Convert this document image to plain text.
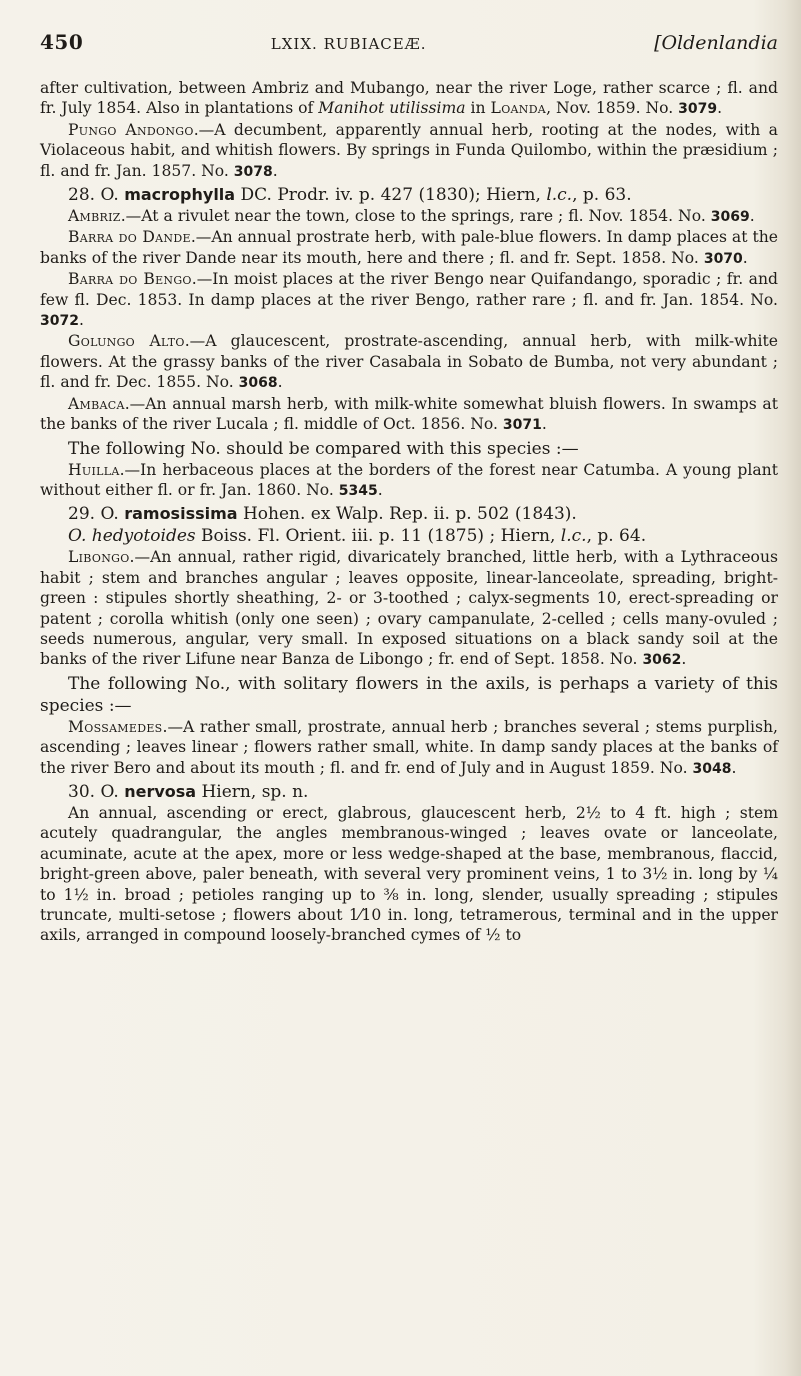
450	LXIX. RUBIACEÆ.	[Oldenlandia

after cultivation, between Ambriz and Mubango, near the river Loge, rather scarce ; fl. and fr. July 1854. Also in plantations of Manihot utilissima in Loanda, Nov. 1859. No. 3079.

Pungo Andongo.—A decumbent, apparently annual herb, rooting at the nodes, with a Violaceous habit, and whitish flowers. By springs in Funda Quilombo, within the præsidium ; fl. and fr. Jan. 1857. No. 3078.

28. O. macrophylla DC. Prodr. iv. p. 427 (1830); Hiern, l.c., p. 63.

Ambriz.—At a rivulet near the town, close to the springs, rare ; fl. Nov. 1854. No. 3069.

Barra do Dande.—An annual prostrate herb, with pale-blue flowers. In damp places at the banks of the river Dande near its mouth, here and there ; fl. and fr. Sept. 1858. No. 3070.

Barra do Bengo.—In moist places at the river Bengo near Quifandango, sporadic ; fr. and few fl. Dec. 1853. In damp places at the river Bengo, rather rare ; fl. and fr. Jan. 1854. No. 3072.

Golungo Alto.—A glaucescent, prostrate-ascending, annual herb, with milk-white flowers. At the grassy banks of the river Casabala in Sobato de Bumba, not very abundant ; fl. and fr. Dec. 1855. No. 3068.

Ambaca.—An annual marsh herb, with milk-white somewhat bluish flowers. In swamps at the banks of the river Lucala ; fl. middle of Oct. 1856. No. 3071.

The following No. should be compared with this species :—

Huilla.—In herbaceous places at the borders of the forest near Catumba. A young plant without either fl. or fr. Jan. 1860. No. 5345.

29. O. ramosissima Hohen. ex Walp. Rep. ii. p. 502 (1843).

O. hedyotoides Boiss. Fl. Orient. iii. p. 11 (1875) ; Hiern, l.c., p. 64.

Libongo.—An annual, rather rigid, divaricately branched, little herb, with a Lythraceous habit ; stem and branches angular ; leaves opposite, linear-lanceolate, spreading, bright-green : stipules shortly sheathing, 2- or 3-toothed ; calyx-segments 10, erect-spreading or patent ; corolla whitish (only one seen) ; ovary campanulate, 2-celled ; cells many-ovuled ; seeds numerous, angular, very small. In exposed situations on a black sandy soil at the banks of the river Lifune near Banza de Libongo ; fr. end of Sept. 1858. No. 3062.

The following No., with solitary flowers in the axils, is perhaps a variety of this species :—

Mossamedes.—A rather small, prostrate, annual herb ; branches several ; stems purplish, ascending ; leaves linear ; flowers rather small, white. In damp sandy places at the banks of the river Bero and about its mouth ; fl. and fr. end of July and in August 1859. No. 3048.

30. O. nervosa Hiern, sp. n.

An annual, ascending or erect, glabrous, glaucescent herb, 2½ to 4 ft. high ; stem acutely quadrangular, the angles membranous-winged ; leaves ovate or lanceolate, acuminate, acute at the apex, more or less wedge-shaped at the base, membranous, flaccid, bright-green above, paler beneath, with several very prominent veins, 1 to 3½ in. long by ¼ to 1½ in. broad ; petioles ranging up to ⅜ in. long, slender, usually spreading ; stipules truncate, multi-setose ; flowers about 1⁄10 in. long, tetramerous, terminal and in the upper axils, arranged in compound loosely-branched cymes of ½ to
